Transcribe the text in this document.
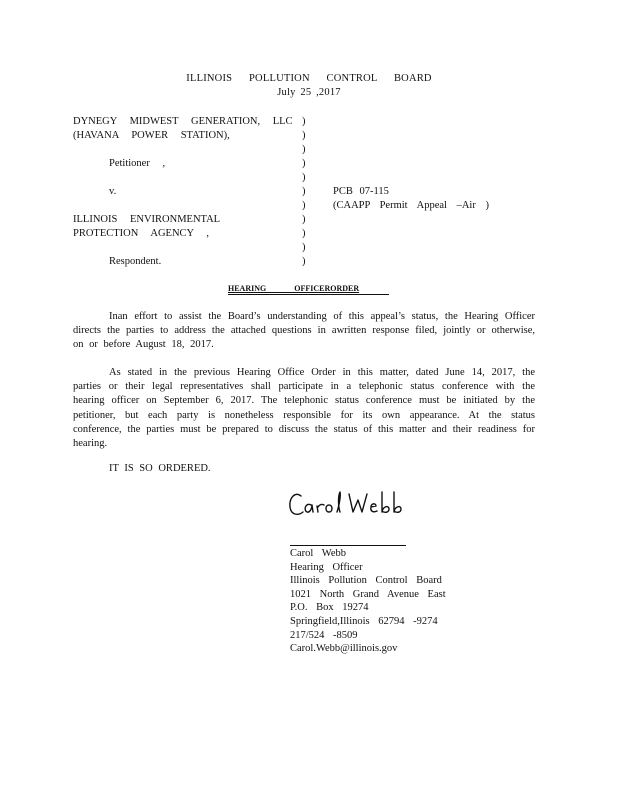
ILLINOIS POLLUTION CONTROL BOARD
July 25 ,2017
DYNEGY MIDWEST GENERATION, LLC
(HAVANA POWER STATION),
Petitioner ,
v.
ILLINOIS ENVIRONMENTAL
PROTECTION AGENCY ,
Respondent.
)
)
)
)
)
)
)
)
)
)
)
PCB 07-115
(CAAPP Permit Appeal –Air )
HEARING OFFICERORDER
Inan effort to assist the Board’s understanding of this appeal’s status, the Hearing Officer directs the parties to address the attached questions in awritten response filed, jointly or otherwise, on or before August 18, 2017.
As stated in the previous Hearing Office Order in this matter, dated June 14, 2017, the parties or their legal representatives shall participate in a telephonic status conference with the hearing officer on September 6, 2017. The telephonic status conference must be initiated by the petitioner, but each party is nonetheless responsible for its own appearance. At the status conference, the parties must be prepared to discuss the status of this matter and their readiness for hearing.
IT IS SO ORDERED.
Carol Webb
Hearing Officer
Illinois Pollution Control Board
1021 North Grand Avenue East
P.O. Box 19274
Springfield,Illinois 62794 -9274
217/524 -8509
Carol.Webb@illinois.gov
